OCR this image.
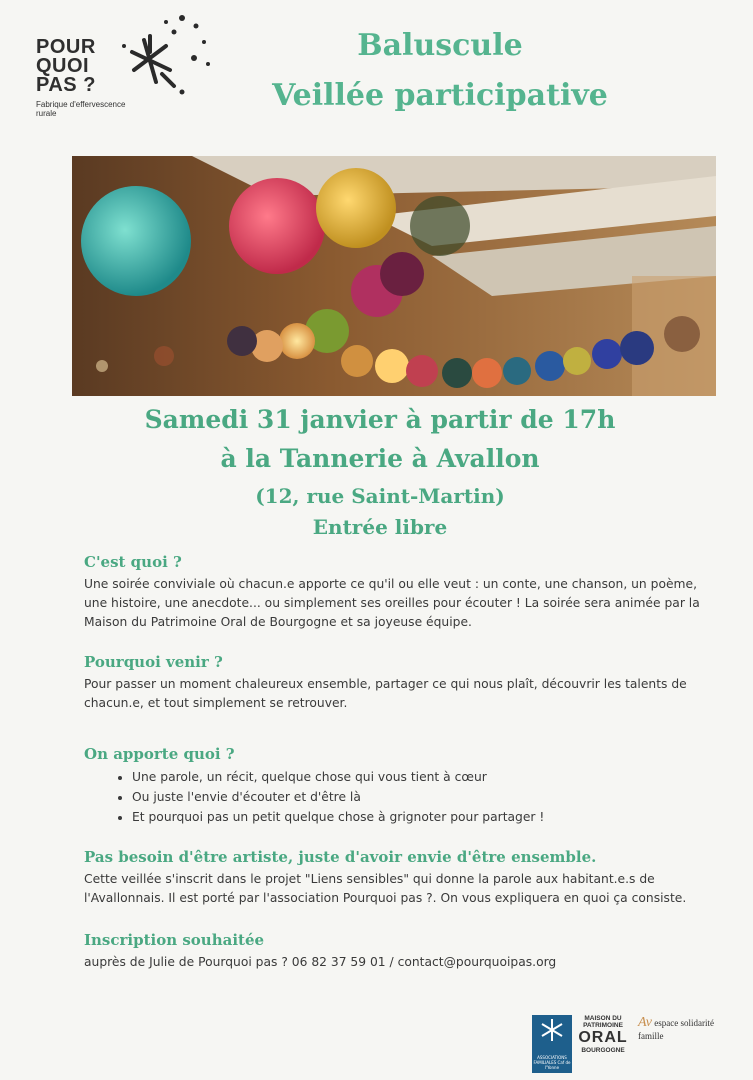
POUR
QUOI
PAS ?
Fabrique d'effervescence rurale
Baluscule
Veillée participative
Samedi 31 janvier à partir de 17h
à la Tannerie à Avallon
(12, rue Saint-Martin)
Entrée libre
C'est quoi ?

Une soirée conviviale où chacun.e apporte ce qu'il ou elle veut : un conte, une chanson, un poème, une histoire, une anecdote... ou simplement ses oreilles pour écouter ! La soirée sera animée par la Maison du Patrimoine Oral de Bourgogne et sa joyeuse équipe.

Pourquoi venir ?

Pour passer un moment chaleureux ensemble, partager ce qui nous plaît, découvrir les talents de chacun.e, et tout simplement se retrouver.

On apporte quoi ?
• Une parole, un récit, quelque chose qui vous tient à cœur
• Ou juste l'envie d'écouter et d'être là
• Et pourquoi pas un petit quelque chose à grignoter pour partager !
Pas besoin d'être artiste, juste d'avoir envie d'être ensemble.

Cette veillée s'inscrit dans le projet "Liens sensibles" qui donne la parole aux habitant.e.s de l'Avallonnais. Il est porté par l'association Pourquoi pas ?. On vous expliquera en quoi ça consiste.

Inscription souhaitée

auprès de Julie de Pourquoi pas ? 06 82 37 59 01 / contact@pourquoipas.org

ASSOCIATIONS FAMILIALES Caf de l'Yonne
MAISON DU PATRIMOINE
ORAL
BOURGOGNE
Av espace solidarité famille
